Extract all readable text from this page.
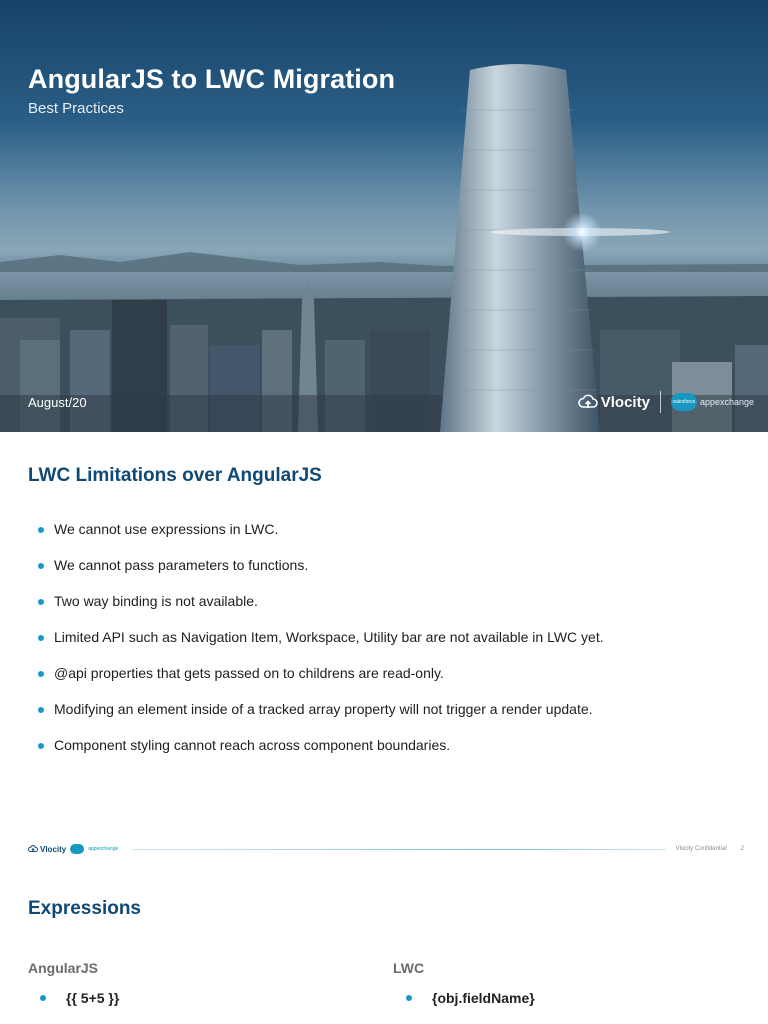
AngularJS to LWC Migration
Best Practices
August/20	Vlocity	salesforce appexchange
LWC Limitations over AngularJS
We cannot use expressions in LWC.
We cannot pass parameters to functions.
Two way binding is not available.
Limited API such as Navigation Item, Workspace, Utility bar are not available in LWC yet.
@api properties that gets passed on to childrens are read-only.
Modifying an element inside of a tracked array property will not trigger a render update.
Component styling cannot reach across component boundaries.
Vlocity	appexchange	Vlocity Confidential 2
Expressions
AngularJS	LWC
{{ 5+5 }}	{obj.fieldName}
